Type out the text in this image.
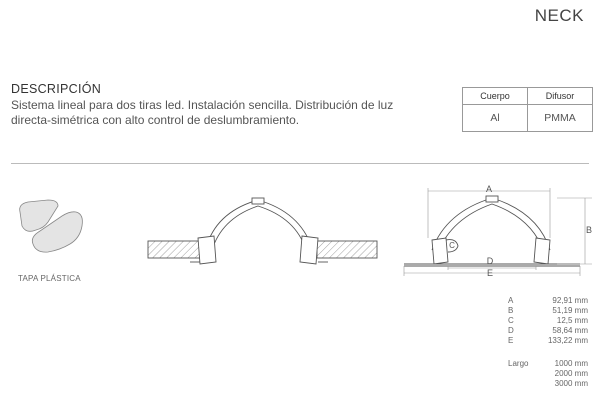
NECK
DESCRIPCIÓN
Sistema lineal para dos tiras led. Instalación sencilla. Distribución de luz directa-simétrica con alto control de deslumbramiento.
Cuerpo	Difusor
Al	PMMA
A
B
C
D
E
TAPA PLÁSTICA
A	92,91 mm
B	51,19 mm
C	12,5 mm
D	58,64 mm
E	133,22 mm
Largo	1000 mm
2000 mm
3000 mm
